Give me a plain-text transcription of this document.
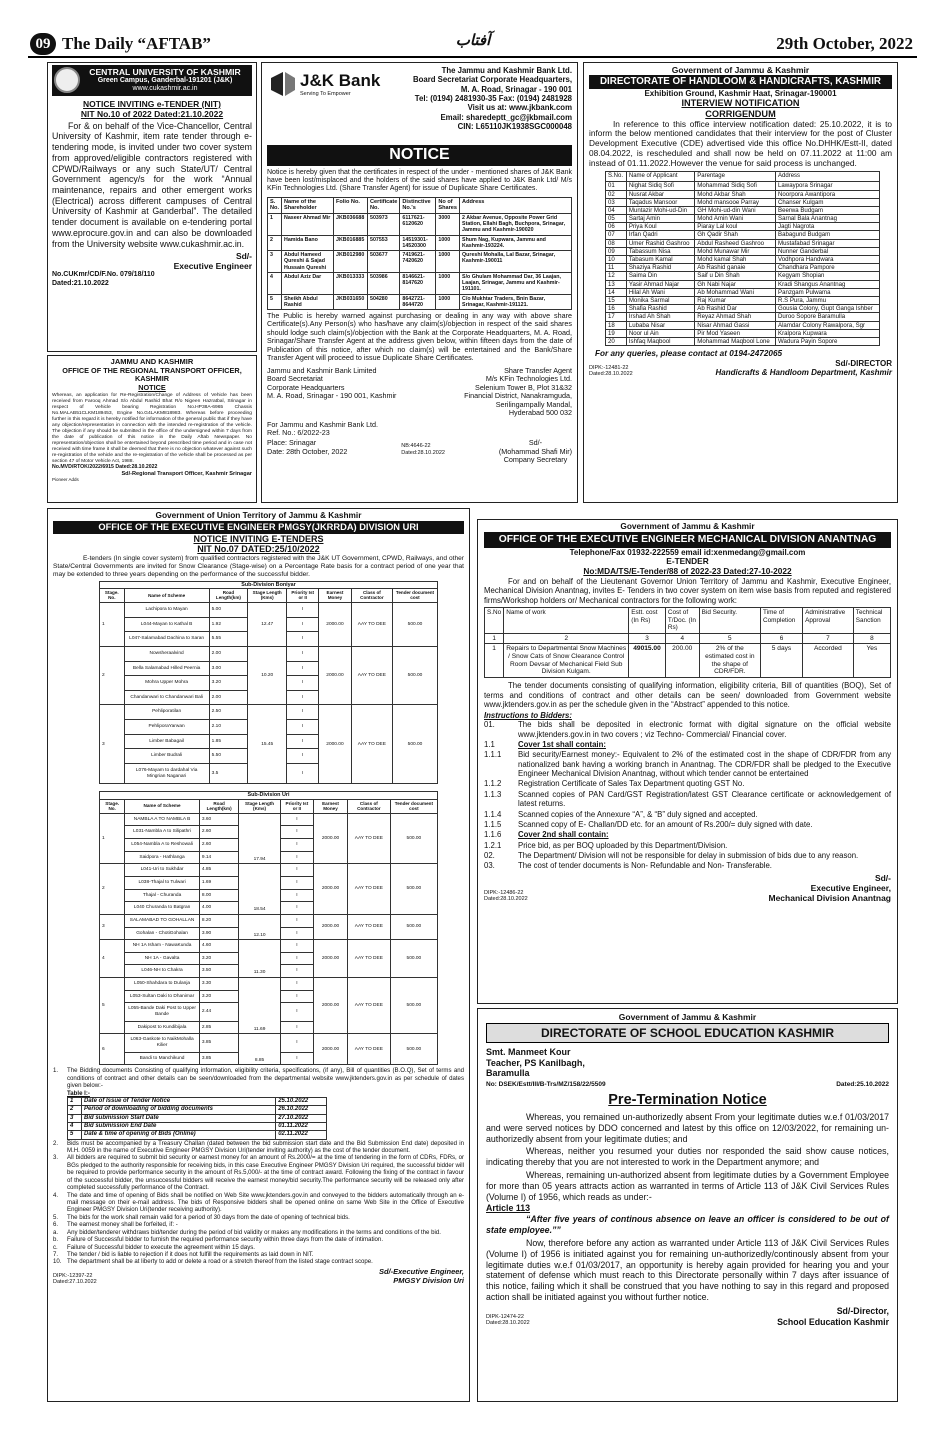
09 The Daily “AFTAB”	آفتاب	29th October, 2022
CENTRAL UNIVERSITY OF KASHMIR
Green Campus, Ganderbal-191201 (J&K)
www.cukashmir.ac.in
NOTICE INVITING e-TENDER (NIT)
NIT No.10 of 2022 Dated:21.10.2022
For & on behalf of the Vice-Chancellor, Central University of Kashmir, item rate tender through e-tendering mode, is invited under two cover system from approved/eligible contractors registered with CPWD/Railways or any such State/UT/ Central Government agency/s for the work “Annual maintenance, repairs and other emergent works (Electrical) across different campuses of Central University of Kashmir at Ganderbal”. The detailed tender document is available on e-tendering portal www.eprocure.gov.in and can also be downloaded from the University website www.cukashmir.ac.in.
Sd/-
Executive Engineer
No.CUKmr/CD/F.No. 079/18/110
Dated:21.10.2022
JAMMU AND KASHMIR
OFFICE OF THE REGIONAL TRANSPORT OFFICER, KASHMIR
NOTICE
Whereas, an application for Re-Registration/Change of Address of Vehicle has been received from Farooq Ahmad S/o Abdul Rashid Bhat R/o Nigeen Hazratbal, Srinagar in respect of Vehicle bearing Registration No.HP38A-6965 Chassis No.MALAB51CLKM189453, Engine No.G4LAKM818983. Whereas before proceeding further in this regard it is hereby notified for information of the general public that if they have any objection/representation in connection with the intended re-registration of the vehicle. The objection if any should be submitted in the office of the undersigned within 7 days from the date of publication of this notice in the Daily Aftab Newspaper. No representation/objection shall be entertained beyond prescribed time period and in case not received with time frame it shall be deemed that there is no objection whatever against such re-registration of the vehicle and the re-registration of the vehicle shall be processed as per section 47 of Motor Vehicle Act, 1988.
No.MVD/RTOK/2022/6915 Dated:28.10.2022
Sd/-Regional Transport Officer, Kashmir Srinagar
Pioneer Adds
J&K Bank
Serving To Empower
The Jammu and Kashmir Bank Ltd.
Board Secretariat Corporate Headquarters,
M. A. Road, Srinagar - 190 001
Tel: (0194) 2481930-35 Fax: (0194) 2481928
Visit us at: www.jkbank.com
Email: sharedeptt_gc@jkbmail.com
CIN: L65110JK1938SGC000048
NOTICE
Notice is hereby given that the certificates in respect of the under - mentioned shares of J&K Bank have been lost/misplaced and the holders of the said shares have applied to J&K Bank Ltd/ M/s KFin Technologies Ltd. (Share Transfer Agent) for issue of Duplicate Share Certificates.
S. No.	Name of the Shareholder	Folio No.	Certificate No.	Distinctive No.'s	No of Shares	Address
1	Naseer Ahmad Mir	JKB036688	503973	6117621-6120620	3000	2 Akbar Avenue, Opposite Power Grid Station, Ellahi Bagh, Buchpora, Srinagar, Jammu and Kashmir-190020
2	Hamida Bano	JKB016885	507553	14519301-14520300	1000	Shum Nag, Kupwara, Jammu and Kashmir-193224.
3	Abdul Hameed Qureshi & Sajad Hussain Qureshi	JKB012980	503677	7419621-7420620	1000	Qureshi Mohalla, Lal Bazar, Srinagar, Kashmir-190011
4	Abdul Aziz Dar	JKB013333	503986	8146621-8147620	1000	S/o Ghulam Mohammad Dar, 36 Laajan, Laajan, Srinagar, Jammu and Kashmir-191101.
5	Sheikh Abdul Rashid	JKB031650	504280	8642721-8644720	1000	C/o Mukhtar Traders, Bnin Bazar, Srinagar, Kashmir-191121.
The Public is hereby warned against purchasing or dealing in any way with above share Certificate(s).Any Person(s) who has/have any claim(s)/objection in respect of the said shares should lodge such claim(s)/objection with the Bank at the Corporate Headquarters, M. A. Road, Srinagar/Share Transfer Agent at the address given below, within fifteen days from the date of Publication of this notice, after which no claim(s) will be entertained and the Bank/Share Transfer Agent will proceed to issue Duplicate Share Certificates.
Jammu and Kashmir Bank Limited
Board Secretariat
Corporate Headquarters
M. A. Road, Srinagar - 190 001, Kashmir
Share Transfer Agent
M/s KFin Technologies Ltd.
Selenium Tower B, Plot 31&32
Financial District, Nanakramguda,
Serilingampally Mandal,
Hyderabad 500 032
For Jammu and Kashmir Bank Ltd.
Ref. No.: 6/2022-23
Place: Srinagar
Date: 28th October, 2022
NB:4646-22
Dated:28.10.2022
Sd/-
(Mohammad Shafi Mir)
Company Secretary
Government of Jammu & Kashmir
DIRECTORATE OF HANDLOOM & HANDICRAFTS, KASHMIR
Exhibition Ground, Kashmir Haat, Srinagar-190001
INTERVIEW NOTIFICATION
CORRIGENDUM
In reference to this office interview notification dated: 25.10.2022, it is to inform the below mentioned candidates that their interview for the post of Cluster Development Executive (CDE) advertised vide this office No.DHHK/Estt-II, dated 08.04.2022, is rescheduled and shall now be held on 07.11.2022 at 11:00 am instead of 01.11.2022.However the venue for said process is unchanged.
S.No.	Name of Applicant	Parentage	Address
01	Nighat Sidiq Sofi	Mohammad Sidiq Sofi	Lawaypora Srinagar
02	Nusrat Akbar	Mohd Akbar Shah	Noorpora Awantipora
03	Taqadus Mansoor	Mohd mansooe Parray	Chanser Kulgam
04	Muntazir Mohi-ud-Din	GH Mohi-ud-din Wani	Beerwa Budgam
05	Sartaj Amin	Mohd Amin Wani	Sarnal Bala Anantnag
06	Priya Koul	Piaray Lal koul	Jagti Nagrota
07	Irfan Qadri	Gh Qadir Shah	Babagund Budgam
08	Umer Rashid Gashroo	Abdul Rasheed Gashroo	Mustafabad Srinagar
09	Tabassum Nisa	Mohd Munawar Mir	Nunner Ganderbal
10	Tabasum Kamal	Mohd kamal Shah	Vodhpora Handwara
11	Shaziya Rashid	Ab Rashid ganaie	Chandhara Pampore
12	Saima Din	Saif u Din Shah	Kegyam Shopian
13	Yasir Ahmad Najar	Gh Nabi Najar	Kradi Shangus Anantnag
14	Hilal Ah Wani	Ab Mohammad Wani	Panzgam Pulwama
15	Monika Sarmal	Raj Kumar	R.S Pura, Jammu
16	Shafia Rashid	Ab Rashid Dar	Gousia Colony, Gupt Ganga Ishber
17	Irshad Ah Shah	Reyaz Ahmad Shah	Duroo Sopore Baramulla
18	Lubaba Nisar	Nisar Ahmad Gassi	Alamdar Colony Rawalpora, Sgr
19	Noor ul Ain	Pir Mod Yaseen	Kralpora Kupwara
20	Ishfaq Maqbool	Mohammad Maqbool Lone	Wadura Payin Sopore
For any queries, please contact at 0194-2472065
DIPK:-12481-22
Dated:28.10.2022
Sd/-DIRECTOR
Handicrafts & Handloom Department, Kashmir
Government of Union Territory of Jammu & Kashmir
OFFICE OF THE EXECUTIVE ENGINEER PMGSY(JKRRDA) DIVISION URI
NOTICE INVITING E-TENDERS
NIT No.07 DATED:25/10/2022
E-tenders (In single cover system) from qualified contractors registered with the J&K UT Government, CPWD, Railways, and other State/Central Governments are invited for Snow Clearance (Stage-wise) on a Percentage Rate basis for a contract period of one year that may be extended to three years depending on the performance of the successful bidder.
Sub-Division Boniyar
Stage. No.	Name of Scheme	Road Length(km)	Stage Length (Kms)	Priority Ist or II	Earnest Money	Class of Contractor	Tender document cost
1	Lachipora to Mayan	5.00	12.47	I	2000.00	AAY TO DEE	500.00
	L044-Mayan to Kathal B	1.92		I			
	L047-Salamabad Dachina to Saran	5.55		I			
2	Nowsheraalvind	2.00	10.20	I	2000.00	AAY TO DEE	500.00
	Bella Salamabad Hilled Peernia	3.00		I			
	Mohra Upper Mohra	3.20		I			
	Chandanwari to Chandanwari Bali	2.00		I			
3	Pehliporatilan	2.50	15.45	I	2000.00	AAY TO DEE	500.00
	PehliporaYarwan	2.10		I			
	Limber Babagail	1.85		I			
	Limber Budrali	5.50		I			
	L076-Mayam to dardahal Via Mingrian Naganari	3.5		I			
Sub-Division Uri
Stage. No.	Name of Scheme	Road Length(km)	Stage Length (Kms)	Priority Ist or II	Earnest Money	Class of Contractor	Tender document cost
1	NAMBLA A TO NAMBLA B	3.60	17.94	I	2000.00	AAY TO DEE	500.00
	L031-Nambla A to Silipathri	2.60		I			
	L054-Nambla A to Reshowali	2.60		I			
	Saidpora - Hathlanga	9.14		I			
2	L041-Uri to Sukhdar	4.85	18.54	I	2000.00	AAY TO DEE	500.00
	L038-Thajal to Tulwari	1.69		I			
	Thajal - Churanda	8.00		I			
	L040 Churanda to Batgran	4.00		I			
3	SALAMABAD TO GOHALLAN	8.20	12.10	I	2000.00	AAY TO DEE	500.00
	Gohalan - ChotiGohalan	3.90		I			
4	NH 1A Isham - NawaKunda	4.60	11.30	I	2000.00	AAY TO DEE	500.00
	NH 1A - Gavalta	3.20		I			
	L046-NH to Chakra	3.50		I			
5	L050-Shahdara to Dulanja	3.30	11.69	I	2000.00	AAY TO DEE	500.00
	L053-Sultan Daki to Dhanimar	3.20		I			
	L055-Bande Daki Post to Upper Bande	2.44		I			
	Dakipost to Kundibijala	2.85		I			
6	L063-Gaskote to NaikMohalla Kilier	3.85	8.85	I	2000.00	AAY TO DEE	500.00
	Bandi to Manchikund	3.85		I			
1.	The Bidding documents Consisting of qualifying information, eligibility criteria, specifications, (if any), Bill of quantities (B.O.Q), Set of terms and conditions of contract and other details can be seen/downloaded from the departmental website www.jktenders.gov.in as per schedule of dates given below:-
Table I:-
1	Date of Issue of Tender Notice	25.10.2022
2	Period of downloading of bidding documents	26.10.2022
3	Bid submission Start Date	27.10.2022
4	Bid submission End Date	01.11.2022
5	Date & time of opening of Bids (Online)	02.11.2022
2.	Bids must be accompanied by a Treasury Challan (dated between the bid submission start date and the Bid Submission End date) deposited in M.H. 0059 in the name of Executive Engineer PMGSY Division Uri(tender inviting authority) as the cost of the tender document.
3.	All bidders are required to submit bid security or earnest money for an amount of Rs.2000/= at the time of tendering in the form of CDRs, FDRs, or BGs pledged to the authority responsible for receiving bids, in this case Executive Engineer PMGSY Division Uri required, the successful bidder will be required to provide performance security in the amount of Rs.5,000/- at the time of contract award. Following the fixing of the contract in favour of the successful bidder, the unsuccessful bidders will receive the earnest money/bid security.The performance security will be released only after completed successfully performance of the Contract.
4.	The date and time of opening of Bids shall be notified on Web Site www.jktenders.gov.in and conveyed to the bidders automatically through an e-mail message on their e-mail address. The bids of Responsive bidders shall be opened online on same Web Site in the Office of Executive Engineer PMGSY Division Uri(tender receiving authority).
5.	The bids for the work shall remain valid for a period of 30 days from the date of opening of technical bids.
6.	The earnest money shall be forfeited, if: -
a.	Any bidder/tenderer withdraws bid/tender during the period of bid validity or makes any modifications in the terms and conditions of the bid.
b.	Failure of Successful bidder to furnish the required performance security within three days from the date of intimation.
c.	Failure of Successful bidder to execute the agreement within 15 days.
7.	The tender / bid is liable to rejection if it does not fulfill the requirements as laid down in NIT.
10. The department shall be at liberty to add or delete a road or a stretch thereof from the listed stage contract scope.
DIPK:-12397-22
Dated:27.10.2022
Sd/-Executive Engineer,
PMGSY Division Uri
Government of Jammu & Kashmir
OFFICE OF THE EXECUTIVE ENGINEER MECHANICAL DIVISION ANANTNAG
Telephone/Fax 01932-222559 email id:xenmedang@gmail.com
E-TENDER
No:MDA/TS/E-Tender/88 of 2022-23 Dated:27-10-2022
For and on behalf of the Lieutenant Governor Union Territory of Jammu and Kashmir, Executive Engineer, Mechanical Division Anantnag, invites E- Tenders in two cover system on item wise basis from reputed and registered firms/Workshop holders or/ Mechanical contractors for the following work:
S.No	Name of work	Estt. cost (In Rs)	Cost of T/Doc. (In Rs)	Bid Security.	Time of Completion	Administrative Approval	Technical Sanction
1	2	3	4	5	6	7	8
1	Repairs to Departmental Snow Machines / Snow Cats of Snow Clearance Control Room Devsar of Mechanical Field Sub Division Kulgam.	49015.00	200.00	2% of the estimated cost in the shape of CDR/FDR.	5 days	Accorded	Yes
The tender documents consisting of qualifying information, eligibility criteria, Bill of quantities (BOQ), Set of terms and conditions of contract and other details can be seen/ downloaded from Government website www.jktenders.gov.in as per the schedule given in the “Abstract” appended to this notice.
Instructions to Bidders:
01.	The bids shall be deposited in electronic format with digital signature on the official website www.jktenders.gov.in in two covers ; viz Techno- Commercial/ Financial cover.
1.1	Cover 1st shall contain:
1.1.1	Bid security/Earnest money:- Equivalent to 2% of the estimated cost in the shape of CDR/FDR from any nationalized bank having a working branch in Anantnag. The CDR/FDR shall be pledged to the Executive Engineer Mechanical Division Anantnag, without which tender cannot be entertained
1.1.2	Registration Certificate of Sales Tax Department quoting GST No.
1.1.3	Scanned copies of PAN Card/GST Registration/latest GST Clearance certificate or acknowledgement of latest returns.
1.1.4	Scanned copies of the Annexure “A”, & “B” duly signed and accepted.
1.1.5	Scanned copy of E- Challan/DD etc. for an amount of Rs.200/= duly signed with date.
1.1.6	Cover 2nd shall contain:
1.2.1	Price bid, as per BOQ uploaded by this Department/Division.
02.	The Department/ Division will not be responsible for delay in submission of bids due to any reason.
03.	The cost of tender documents is Non- Refundable and Non- Transferable.
DIPK:-12486-22
Dated:28.10.2022
Sd/-
Executive Engineer,
Mechanical Division Anantnag
Government of Jammu & Kashmir
DIRECTORATE OF SCHOOL EDUCATION KASHMIR
Smt. Manmeet Kour
Teacher, PS Kanilbagh,
Baramulla
No: DSEK/Estt/III/B-Trs/MZ/158/22/5509	Dated:25.10.2022
Pre-Termination Notice
Whereas, you remained un-authorizedly absent From your legitimate duties w.e.f 01/03/2017 and were served notices by DDO concerned and latest by this office on 12/03/2022, for remaining un-authorizedly absent from your legitimate duties; and
Whereas, neither you resumed your duties nor responded the said show cause notices, indicating thereby that you are not interested to work in the Department anymore; and
Whereas, remaining un-authorized absent from legitimate duties by a Government Employee for more than 05 years attracts action as warranted in terms of Article 113 of J&K Civil Services Rules (Volume I) of 1956, which reads as under:-
Article 113
“After five years of continous absence on leave an officer is considered to be out of state employee.””
Now, therefore before any action as warranted under Article 113 of J&K Civil Services Rules (Volume I) of 1956 is initiated against you for remaining un-authorizedly/continously absent from your legitimate duties w.e.f 01/03/2017, an opportunity is hereby again provided for hearing you and your statement of defense which must reach to this Directorate personally within 7 days after issuance of this notice, failing which it shall be construed that you have nothing to say in this regard and proposed action shall be initiated against you without further notice.
DIPK-12474-22
Dated:28.10.2022
Sd/-Director,
School Education Kashmir
